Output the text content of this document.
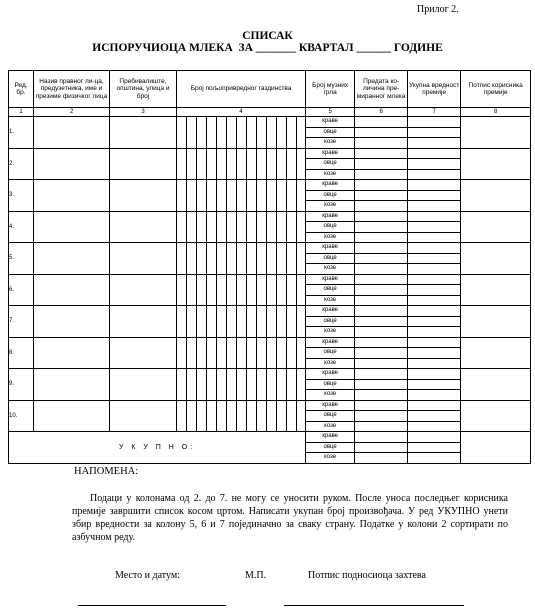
Прилог 2.
СПИСАК
ИСПОРУЧИОЦА МЛЕКА  ЗА _______ КВАРТАЛ ______ ГОДИНЕ
Ред. бр.	Назив правног ли-ца, предузетника, име и презиме физичког лица	Пребивалиште, општина, улица и број	Број пољопривредног газдинства													Број музних грла	Предата ко-личина пре-миранног млека	Укупна вредност премије	Потпис корисника премије
1	2	3	4													5	6	7	8
1.																краве			
																овце			
																козе			
2.																краве			
																овце			
																козе			
3.																краве			
																овце			
																козе			
4.																краве			
																овце			
																козе			
5.																краве			
																овце			
																козе			
6.																краве			
																овце			
																козе			
7.																краве			
																овце			
																козе			
8.																краве			
																овце			
																козе			
9.																краве			
																овце			
																козе			
10.																краве			
																овце			
																козе			
У К У П Н О:																краве			
																овце			
																козе			
НАПОМЕНА:
Подаци у колонама од 2. до 7. не могу се уносити руком. После уноса последњег корисника премије завршити список косом цртом. Написати укупан број произвођача. У ред УКУПНО унети збир вредности за колону 5, 6 и 7 појединачно за сваку страну. Податке у колони 2 сортирати по азбучном реду.
Место и датум:	М.П.	Потпис подносиоца захтева
